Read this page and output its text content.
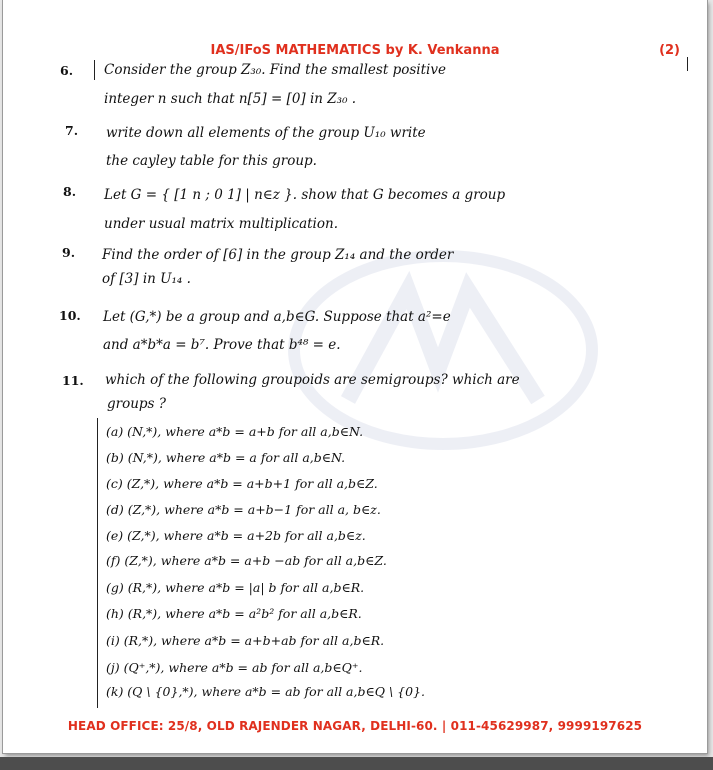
IAS/IFoS MATHEMATICS by K. Venkanna	(2)
6. Consider the group Z₃₀. Find the smallest positive
integer n such that n[5] = [0] in Z₃₀ .
7. write down all elements of the group U₁₀ write
the cayley table for this group.
8. Let G = { [1 n ; 0 1] | n∈z }. show that G becomes a group
under usual matrix multiplication.
9. Find the order of [6] in the group Z₁₄ and the order
of [3] in U₁₄ .
10. Let (G,*) be a group and a,b∈G. Suppose that a²=e
and a*b*a = b⁷. Prove that b⁴⁸ = e.
11. which of the following groupoids are semigroups? which are
groups ?
(a) (N,*), where a*b = a+b for all a,b∈N.
(b) (N,*), where a*b = a for all a,b∈N.
(c) (Z,*), where a*b = a+b+1 for all a,b∈Z.
(d) (Z,*), where a*b = a+b−1 for all a, b∈z.
(e) (Z,*), where a*b = a+2b for all a,b∈z.
(f) (Z,*), where a*b = a+b −ab for all a,b∈Z.
(g) (R,*), where a*b = |a| b for all a,b∈R.
(h) (R,*), where a*b = a²b² for all a,b∈R.
(i) (R,*), where a*b = a+b+ab for all a,b∈R.
(j) (Q⁺,*), where a*b = ab for all a,b∈Q⁺.
(k) (Q \ {0},*), where a*b = ab for all a,b∈Q \ {0}.
HEAD OFFICE: 25/8, OLD RAJENDER NAGAR, DELHI-60. | 011-45629987, 9999197625
